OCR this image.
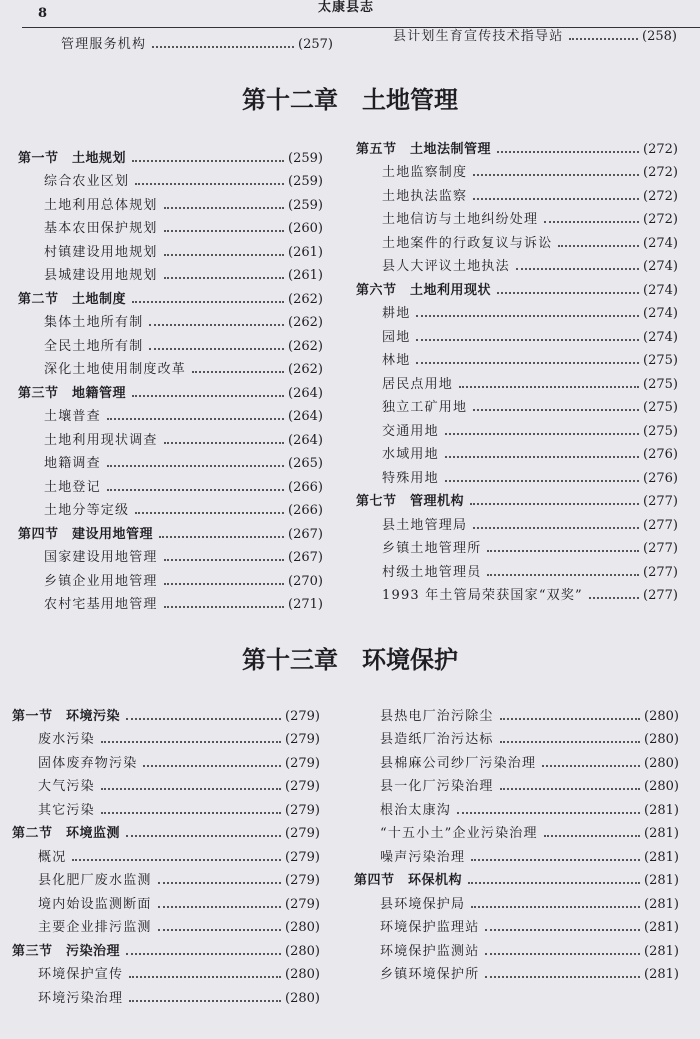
8	太康县志
管理服务机构	(257)
县计划生育宣传技术指导站	(258)
第十二章　土地管理
第一节　土地规划	(259)
综合农业区划	(259)
土地利用总体规划	(259)
基本农田保护规划	(260)
村镇建设用地规划	(261)
县城建设用地规划	(261)
第二节　土地制度	(262)
集体土地所有制	(262)
全民土地所有制	(262)
深化土地使用制度改革	(262)
第三节　地籍管理	(264)
土壤普查	(264)
土地利用现状调查	(264)
地籍调查	(265)
土地登记	(266)
土地分等定级	(266)
第四节　建设用地管理	(267)
国家建设用地管理	(267)
乡镇企业用地管理	(270)
农村宅基用地管理	(271)
第五节　土地法制管理	(272)
土地监察制度	(272)
土地执法监察	(272)
土地信访与土地纠纷处理	(272)
土地案件的行政复议与诉讼	(274)
县人大评议土地执法	(274)
第六节　土地利用现状	(274)
耕地	(274)
园地	(274)
林地	(275)
居民点用地	(275)
独立工矿用地	(275)
交通用地	(275)
水域用地	(276)
特殊用地	(276)
第七节　管理机构	(277)
县土地管理局	(277)
乡镇土地管理所	(277)
村级土地管理员	(277)
1993 年土管局荣获国家“双奖”	(277)
第十三章　环境保护
第一节　环境污染	(279)
废水污染	(279)
固体废弃物污染	(279)
大气污染	(279)
其它污染	(279)
第二节　环境监测	(279)
概况	(279)
县化肥厂废水监测	(279)
境内始设监测断面	(279)
主要企业排污监测	(280)
第三节　污染治理	(280)
环境保护宣传	(280)
环境污染治理	(280)
县热电厂治污除尘	(280)
县造纸厂治污达标	(280)
县棉麻公司纱厂污染治理	(280)
县一化厂污染治理	(280)
根治太康沟	(281)
“十五小土”企业污染治理	(281)
噪声污染治理	(281)
第四节　环保机构	(281)
县环境保护局	(281)
环境保护监理站	(281)
环境保护监测站	(281)
乡镇环境保护所	(281)
